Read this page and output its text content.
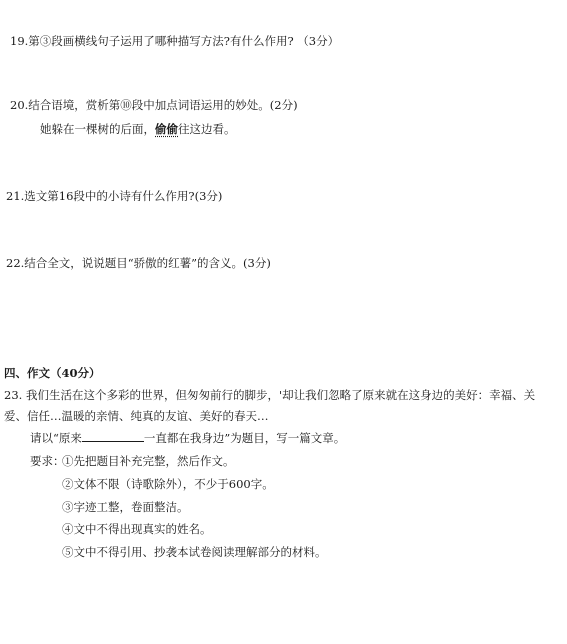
19.第③段画横线句子运用了哪种描写方法?有什么作用? （3分）

20.结合语境，赏析第⑩段中加点词语运用的妙处。(2分)

她躲在一棵树的后面，偷偷往这边看。

21.选文第16段中的小诗有什么作用?(3分)

22.结合全文，说说题目“骄傲的红薯”的含义。(3分)

四、作文（40分）

23. 我们生活在这个多彩的世界，但匆匆前行的脚步，'却让我们忽略了原来就在这身边的美好：幸福、关

爱、信任…温暖的亲情、纯真的友谊、美好的春天…

请以“原来	一直都在我身边”为题目，写一篇文章。

要求：

①先把题目补充完整，然后作文。

②文体不限（诗歌除外），不少于600字。

③字迹工整，卷面整洁。

④文中不得出现真实的姓名。

⑤文中不得引用、抄袭本试卷阅读理解部分的材料。
